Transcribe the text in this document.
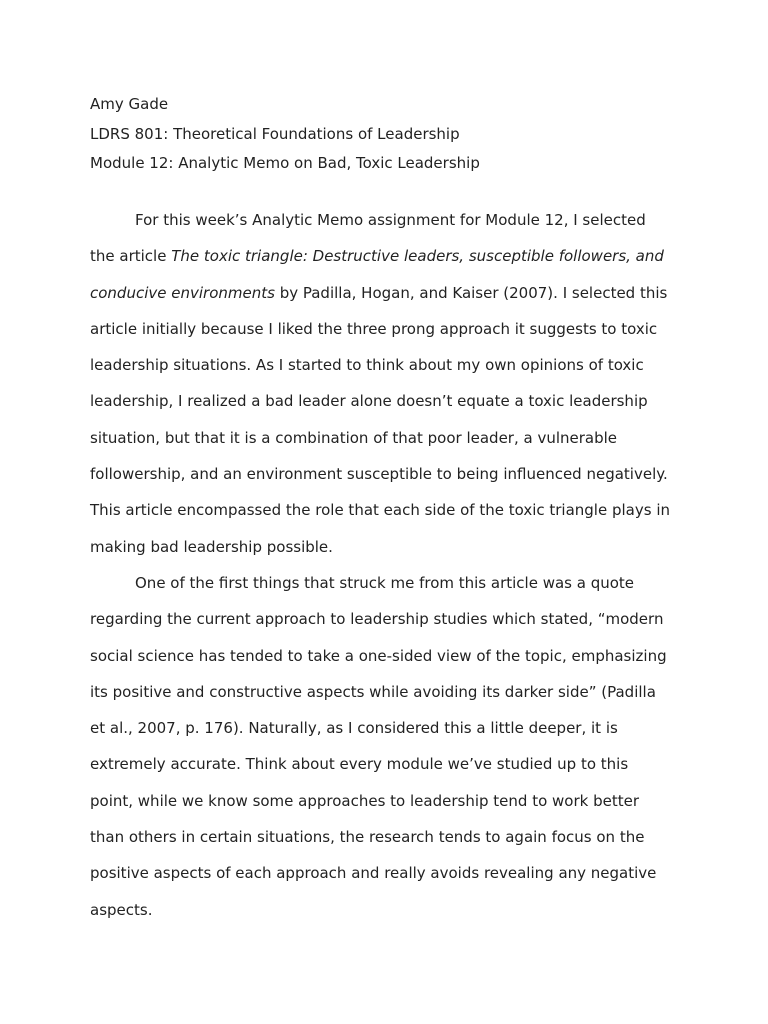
Amy Gade
LDRS 801: Theoretical Foundations of Leadership
Module 12: Analytic Memo on Bad, Toxic Leadership
For this week’s Analytic Memo assignment for Module 12, I selected
the article The toxic triangle: Destructive leaders, susceptible followers, and
conducive environments by Padilla, Hogan, and Kaiser (2007). I selected this
article initially because I liked the three prong approach it suggests to toxic
leadership situations. As I started to think about my own opinions of toxic
leadership, I realized a bad leader alone doesn’t equate a toxic leadership
situation, but that it is a combination of that poor leader, a vulnerable
followership, and an environment susceptible to being influenced negatively.
This article encompassed the role that each side of the toxic triangle plays in
making bad leadership possible.
One of the first things that struck me from this article was a quote
regarding the current approach to leadership studies which stated, “modern
social science has tended to take a one-sided view of the topic, emphasizing
its positive and constructive aspects while avoiding its darker side” (Padilla
et al., 2007, p. 176). Naturally, as I considered this a little deeper, it is
extremely accurate. Think about every module we’ve studied up to this
point, while we know some approaches to leadership tend to work better
than others in certain situations, the research tends to again focus on the
positive aspects of each approach and really avoids revealing any negative
aspects.
